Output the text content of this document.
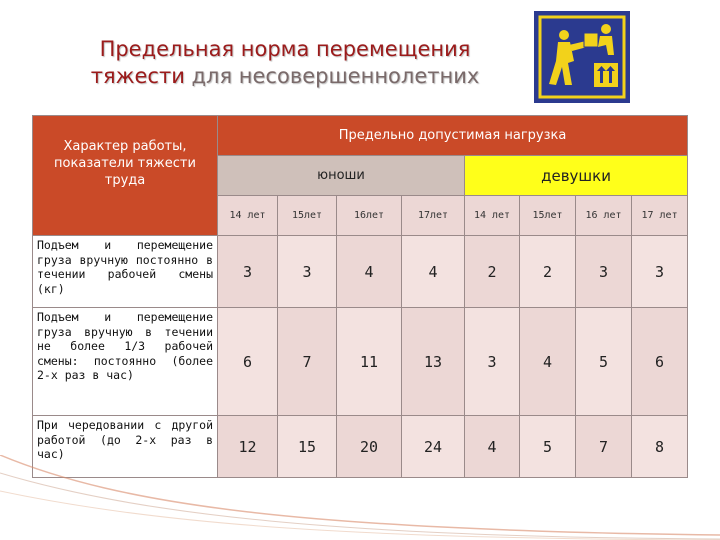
Предельная норма перемещения
тяжести для несовершеннолетних
Характер работы, показатели тяжести труда	Предельно допустимая нагрузка							
	юноши				девушки			
	14 лет	15лет	16лет	17лет	14 лет	15лет	16 лет	17 лет
Подъем и перемещение груза вручную постоянно в течении рабочей смены (кг)	3	3	4	4	2	2	3	3
Подъем и перемещение груза вручную в течении не более 1/3 рабочей смены: постоянно (более 2-х раз в час)	6	7	11	13	3	4	5	6
При чередовании с другой работой (до 2-х раз в час)	12	15	20	24	4	5	7	8
